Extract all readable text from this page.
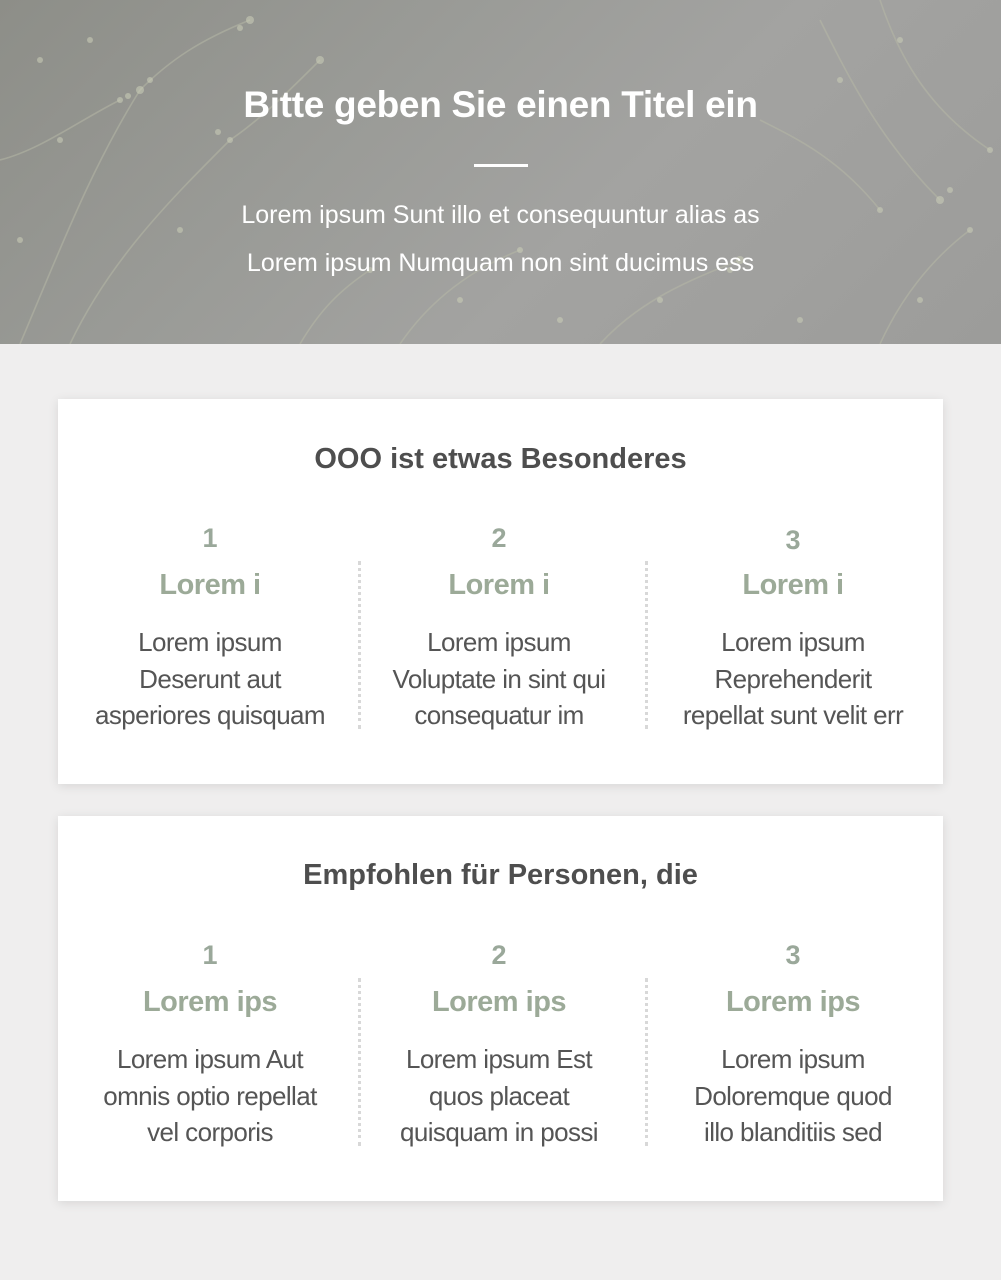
Bitte geben Sie einen Titel ein
Lorem ipsum Sunt illo et consequuntur alias as
Lorem ipsum Numquam non sint ducimus ess
OOO ist etwas Besonderes
1
Lorem i
Lorem ipsum
Deserunt aut
asperiores quisquam
2
Lorem i
Lorem ipsum
Voluptate in sint qui
consequatur im
3
Lorem i
Lorem ipsum
Reprehenderit
repellat sunt velit err
Empfohlen für Personen, die
1
Lorem ips
Lorem ipsum Aut
omnis optio repellat
vel corporis
2
Lorem ips
Lorem ipsum Est
quos placeat
quisquam in possi
3
Lorem ips
Lorem ipsum
Doloremque quod
illo blanditiis sed
